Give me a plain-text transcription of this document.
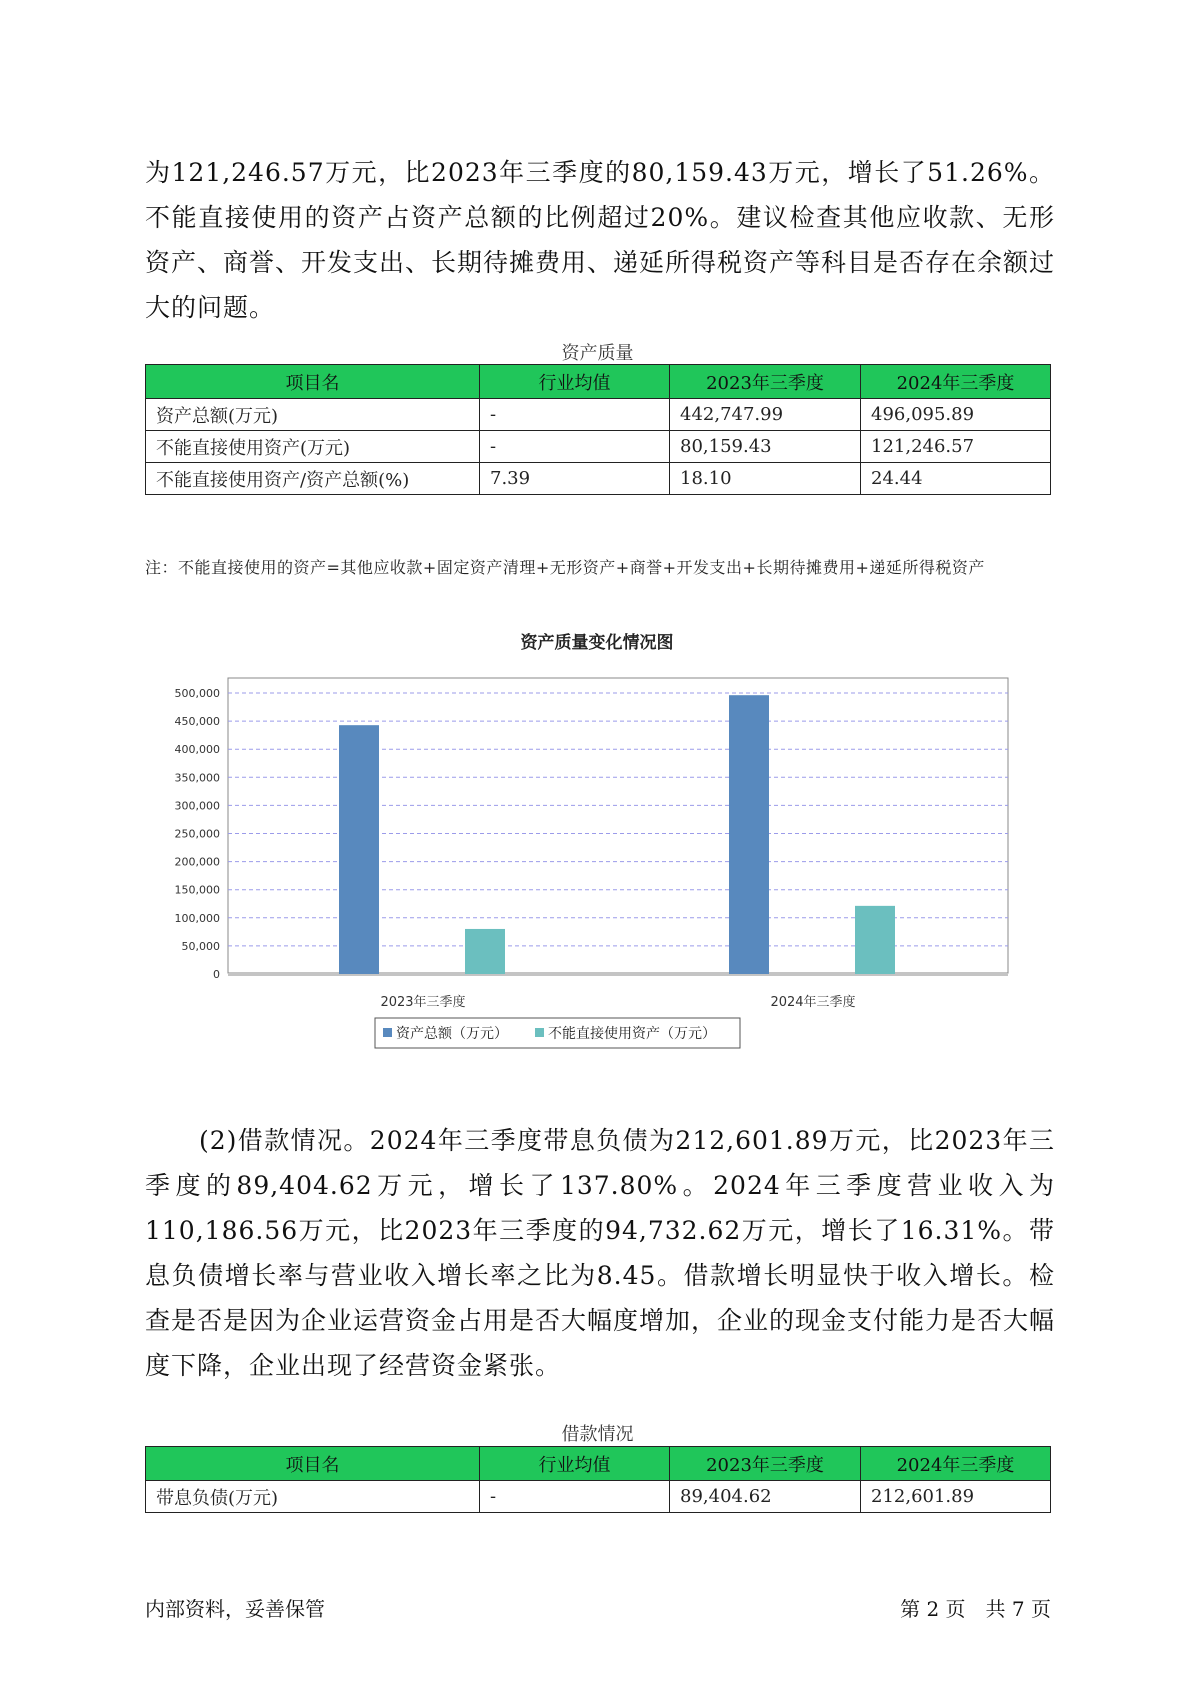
为121,246.57万元，比2023年三季度的80,159.43万元，增长了51.26%。不能直接使用的资产占资产总额的比例超过20%。建议检查其他应收款、无形资产、商誉、开发支出、长期待摊费用、递延所得税资产等科目是否存在余额过大的问题。

资产质量
项目名	行业均值	2023年三季度	2024年三季度
资产总额(万元)	-	442,747.99	496,095.89
不能直接使用资产(万元)	-	80,159.43	121,246.57
不能直接使用资产/资产总额(%)	7.39	18.10	24.44
注：不能直接使用的资产=其他应收款+固定资产清理+无形资产+商誉+开发支出+长期待摊费用+递延所得税资产
资产质量变化情况图
0
50,000
100,000
150,000
200,000
250,000
300,000
350,000
400,000
450,000
500,000
2023年三季度	2024年三季度
资产总额（万元）	不能直接使用资产（万元）

(2)借款情况。2024年三季度带息负债为212,601.89万元，比2023年三季度的89,404.62万元，增长了137.80%。2024年三季度营业收入为110,186.56万元，比2023年三季度的94,732.62万元，增长了16.31%。带息负债增长率与营业收入增长率之比为8.45。借款增长明显快于收入增长。检查是否是因为企业运营资金占用是否大幅度增加，企业的现金支付能力是否大幅度下降，企业出现了经营资金紧张。

借款情况
项目名	行业均值	2023年三季度	2024年三季度
带息负债(万元)	-	89,404.62	212,601.89
内部资料，妥善保管	第 2 页　共 7 页
